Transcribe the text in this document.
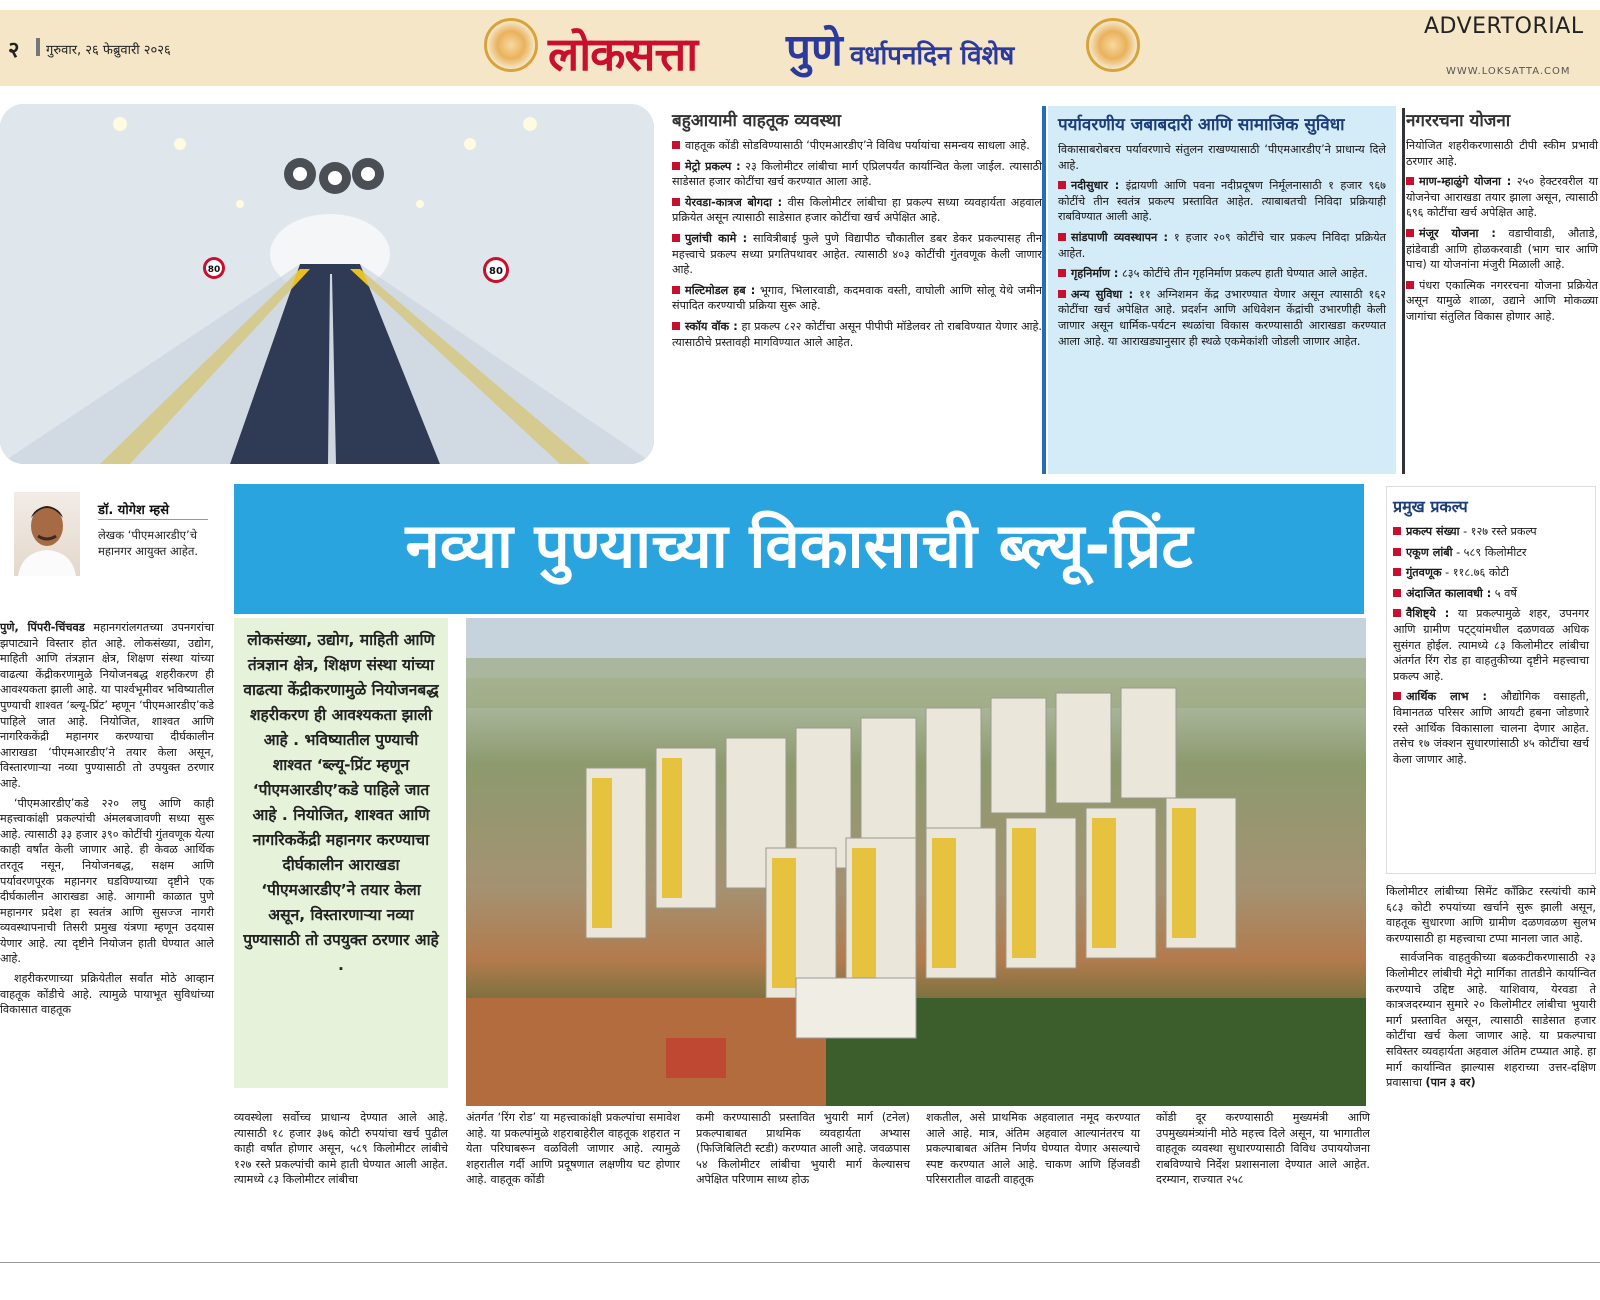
२ गुरुवार, २६ फेब्रुवारी २०२६	लोकसत्ता पुणे वर्धापनदिन विशेष
ADVERTORIAL
WWW.LOKSATTA.COM
80	80
बहुआयामी वाहतूक व्यवस्था

वाहतूक कोंडी सोडविण्यासाठी ‘पीएमआरडीए’ने विविध पर्यायांचा समन्वय साधला आहे.

मेट्रो प्रकल्प : २३ किलोमीटर लांबीचा मार्ग एप्रिलपर्यंत कार्यान्वित केला जाईल. त्यासाठी साडेसात हजार कोटींचा खर्च करण्यात आला आहे.

येरवडा-कात्रज बोगदा : वीस किलोमीटर लांबीचा हा प्रकल्प सध्या व्यवहार्यता अहवाल प्रक्रियेत असून त्यासाठी साडेसात हजार कोटींचा खर्च अपेक्षित आहे.

पुलांची कामे : सावित्रीबाई फुले पुणे विद्यापीठ चौकातील डबर डेकर प्रकल्पासह तीन महत्त्वाचे प्रकल्प सध्या प्रगतिपथावर आहेत. त्यासाठी ४०३ कोटींची गुंतवणूक केली जाणार आहे.

मल्टिमोडल हब : भूगाव, भिलारवाडी, कदमवाक वस्ती, वाघोली आणि सोलू येथे जमीन संपादित करण्याची प्रक्रिया सुरू आहे.

स्कॉय वॉक : हा प्रकल्प ८२२ कोटींचा असून पीपीपी मॉडेलवर तो राबविण्यात येणार आहे. त्यासाठीचे प्रस्तावही मागविण्यात आले आहेत.

पर्यावरणीय जबाबदारी आणि सामाजिक सुविधा

विकासाबरोबरच पर्यावरणाचे संतुलन राखण्यासाठी ‘पीएमआरडीए’ने प्राधान्य दिले आहे.

नदीसुधार : इंद्रायणी आणि पवना नदीप्रदूषण निर्मूलनासाठी १ हजार ९६७ कोटींचे तीन स्वतंत्र प्रकल्प प्रस्तावित आहेत. त्याबाबतची निविदा प्रक्रियाही राबविण्यात आली आहे.

सांडपाणी व्यवस्थापन : १ हजार २०९ कोटींचे चार प्रकल्प निविदा प्रक्रियेत आहेत.

गृहनिर्माण : ८३५ कोटींचे तीन गृहनिर्माण प्रकल्प हाती घेण्यात आले आहेत.

अन्य सुविधा : ११ अग्निशमन केंद्र उभारण्यात येणार असून त्यासाठी १६२ कोटींचा खर्च अपेक्षित आहे. प्रदर्शन आणि अधिवेशन केंद्रांची उभारणीही केली जाणार असून धार्मिक-पर्यटन स्थळांचा विकास करण्यासाठी आराखडा करण्यात आला आहे. या आराखड्यानुसार ही स्थळे एकमेकांशी जोडली जाणार आहेत.

नगररचना योजना

नियोजित शहरीकरणासाठी टीपी स्कीम प्रभावी ठरणार आहे.

माण-म्हाळुंगे योजना : २५० हेक्टरवरील या योजनेचा आराखडा तयार झाला असून, त्यासाठी ६९६ कोटींचा खर्च अपेक्षित आहे.

मंजूर योजना : वडाचीवाडी, औताडे, हांडेवाडी आणि होळकरवाडी (भाग चार आणि पाच) या योजनांना मंजुरी मिळाली आहे.

पंधरा एकात्मिक नगररचना योजना प्रक्रियेत असून यामुळे शाळा, उद्याने आणि मोकळ्या जागांचा संतुलित विकास होणार आहे.

डॉ. योगेश म्हसे
लेखक ‘पीएमआरडीए’चे महानगर आयुक्त आहेत.	नव्या पुण्याच्या विकासाची ब्ल्यू-प्रिंट
प्रमुख प्रकल्प

प्रकल्प संख्या - १२७ रस्ते प्रकल्प

एकूण लांबी - ५८९ किलोमीटर

गुंतवणूक - ११८.७६ कोटी

अंदाजित कालावधी : ५ वर्षे

वैशिष्ट्ये : या प्रकल्पामुळे शहर, उपनगर आणि ग्रामीण पट्ट्यांमधील दळणवळ अधिक सुसंगत होईल. त्यामध्ये ८३ किलोमीटर लांबीचा अंतर्गत रिंग रोड हा वाहतुकीच्या दृष्टीने महत्त्वाचा प्रकल्प आहे.

आर्थिक लाभ : औद्योगिक वसाहती, विमानतळ परिसर आणि आयटी हबना जोडणारे रस्ते आर्थिक विकासाला चालना देणार आहेत. तसेच १७ जंक्शन सुधारणांसाठी ४५ कोटींचा खर्च केला जाणार आहे.

पुणे, पिंपरी-चिंचवड महानगरांलगतच्या उपनगरांचा झपाट्याने विस्तार होत आहे. लोकसंख्या, उद्योग, माहिती आणि तंत्रज्ञान क्षेत्र, शिक्षण संस्था यांच्या वाढत्या केंद्रीकरणामुळे नियोजनबद्ध शहरीकरण ही आवश्यकता झाली आहे. या पार्श्वभूमीवर भविष्यातील पुण्याची शाश्वत ‘ब्ल्यू-प्रिंट’ म्हणून ‘पीएमआरडीए’कडे पाहिले जात आहे. नियोजित, शाश्वत आणि नागरिककेंद्री महानगर करण्याचा दीर्घकालीन आराखडा ‘पीएमआरडीए’ने तयार केला असून, विस्तारणाऱ्या नव्या पुण्यासाठी तो उपयुक्त ठरणार आहे.

‘पीएमआरडीए’कडे २२० लघु आणि काही महत्त्वाकांक्षी प्रकल्पांची अंमलबजावणी सध्या सुरू आहे. त्यासाठी ३३ हजार ३९० कोटींची गुंतवणूक येत्या काही वर्षांत केली जाणार आहे. ही केवळ आर्थिक तरतूद नसून, नियोजनबद्ध, सक्षम आणि पर्यावरणपूरक महानगर घडविण्याच्या दृष्टीने एक दीर्घकालीन आराखडा आहे. आगामी काळात पुणे महानगर प्रदेश हा स्वतंत्र आणि सुसज्ज नागरी व्यवस्थापनाची तिसरी प्रमुख यंत्रणा म्हणून उदयास येणार आहे. त्या दृष्टीने नियोजन हाती घेण्यात आले आहे.

शहरीकरणाच्या प्रक्रियेतील सर्वांत मोठे आव्हान वाहतूक कोंडीचे आहे. त्यामुळे पायाभूत सुविधांच्या विकासात वाहतूक

लोकसंख्या, उद्योग, माहिती आणि तंत्रज्ञान क्षेत्र, शिक्षण संस्था यांच्या वाढत्या केंद्रीकरणामुळे नियोजनबद्ध शहरीकरण ही आवश्यकता झाली आहे . भविष्यातील पुण्याची शाश्वत ‘ब्ल्यू-प्रिंट म्हणून ‘पीएमआरडीए’कडे पाहिले जात आहे . नियोजित, शाश्वत आणि नागरिककेंद्री महानगर करण्याचा दीर्घकालीन आराखडा ‘पीएमआरडीए’ने तयार केला असून, विस्तारणाऱ्या नव्या पुण्यासाठी तो उपयुक्त ठरणार आहे .

व्यवस्थेला सर्वोच्च प्राधान्य देण्यात आले आहे. त्यासाठी १८ हजार ३७६ कोटी रुपयांचा खर्च पुढील काही वर्षांत होणार असून, ५८९ किलोमीटर लांबीचे १२७ रस्ते प्रकल्पांची कामे हाती घेण्यात आली आहेत. त्यामध्ये ८३ किलोमीटर लांबीचा

अंतर्गत ‘रिंग रोड’ या महत्त्वाकांक्षी प्रकल्पांचा समावेश आहे. या प्रकल्पांमुळे शहराबाहेरील वाहतूक शहरात न येता परिघाबरून वळविली जाणार आहे. त्यामुळे शहरातील गर्दी आणि प्रदूषणात लक्षणीय घट होणार आहे. वाहतूक कोंडी

कमी करण्यासाठी प्रस्तावित भुयारी मार्ग (टनेल) प्रकल्पाबाबत प्राथमिक व्यवहार्यता अभ्यास (फिजिबिलिटी स्टडी) करण्यात आली आहे. जवळपास ५४ किलोमीटर लांबीचा भुयारी मार्ग केल्यासच अपेक्षित परिणाम साध्य होऊ

शकतील, असे प्राथमिक अहवालात नमूद करण्यात आले आहे. मात्र, अंतिम अहवाल आल्यानंतरच या प्रकल्पाबाबत अंतिम निर्णय घेण्यात येणार असल्याचे स्पष्ट करण्यात आले आहे. चाकण आणि हिंजवडी परिसरातील वाढती वाहतूक

कोंडी दूर करण्यासाठी मुख्यमंत्री आणि उपमुख्यमंत्र्यांनी मोठे महत्त्व दिले असून, या भागातील वाहतूक व्यवस्था सुधारण्यासाठी विविध उपाययोजना राबविण्याचे निर्देश प्रशासनाला देण्यात आले आहेत. दरम्यान, राज्यात २५८

किलोमीटर लांबीच्या सिमेंट कॉंक्रिट रस्त्यांची कामे ६८३ कोटी रुपयांच्या खर्चाने सुरू झाली असून, वाहतूक सुधारणा आणि ग्रामीण दळणवळण सुलभ करण्यासाठी हा महत्त्वाचा टप्पा मानला जात आहे.

सार्वजनिक वाहतुकीच्या बळकटीकरणासाठी २३ किलोमीटर लांबीची मेट्रो मार्गिका तातडीने कार्यान्वित करण्याचे उद्दिष्ट आहे. याशिवाय, येरवडा ते कात्रजदरम्यान सुमारे २० किलोमीटर लांबीचा भुयारी मार्ग प्रस्तावित असून, त्यासाठी साडेसात हजार कोटींचा खर्च केला जाणार आहे. या प्रकल्पाचा सविस्तर व्यवहार्यता अहवाल अंतिम टप्प्यात आहे. हा मार्ग कार्यान्वित झाल्यास शहराच्या उत्तर-दक्षिण प्रवासाचा (पान ३ वर)
